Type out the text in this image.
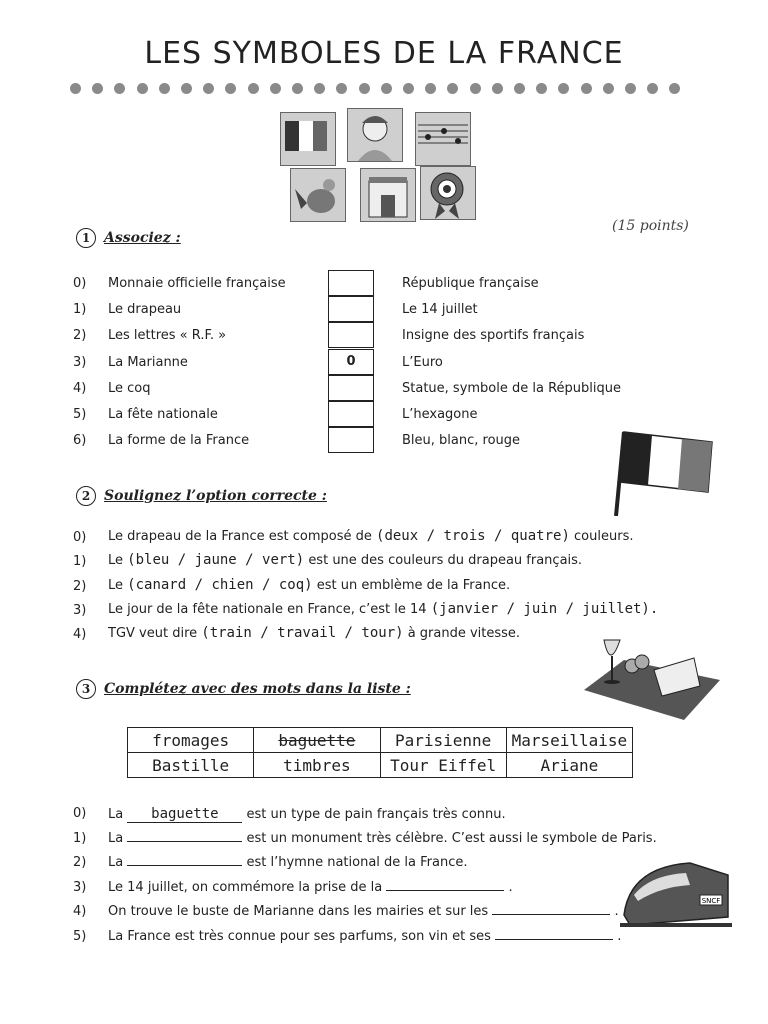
LES SYMBOLES DE LA FRANCE
(15 points)
1 Associez :
0) Monnaie officielle française	République française
1) Le drapeau	Le 14 juillet
2) Les lettres « R.F. »	Insigne des sportifs français
3) La Marianne	0	L’Euro
4) Le coq	Statue, symbole de la République
5) La fête nationale	L’hexagone
6) La forme de la France	Bleu, blanc, rouge
2 Soulignez l’option correcte :
0) Le drapeau de la France est composé de (deux / trois / quatre) couleurs.
1) Le (bleu / jaune / vert) est une des couleurs du drapeau français.
2) Le (canard / chien / coq) est un emblème de la France.
3) Le jour de la fête nationale en France, c’est le 14 (janvier / juin / juillet).
4) TGV veut dire (train / travail / tour) à grande vitesse.
3 Complétez avec des mots dans la liste :
fromages	baguette	Parisienne	Marseillaise
Bastille	timbres	Tour Eiffel	Ariane
0) La baguette est un type de pain français très connu.
1) La	est un monument très célèbre. C’est aussi le symbole de Paris.
2) La	est l’hymne national de la France.
3) Le 14 juillet, on commémore la prise de la	.
4) On trouve le buste de Marianne dans les mairies et sur les	.
5) La France est très connue pour ses parfums, son vin et ses	.
SNCF
